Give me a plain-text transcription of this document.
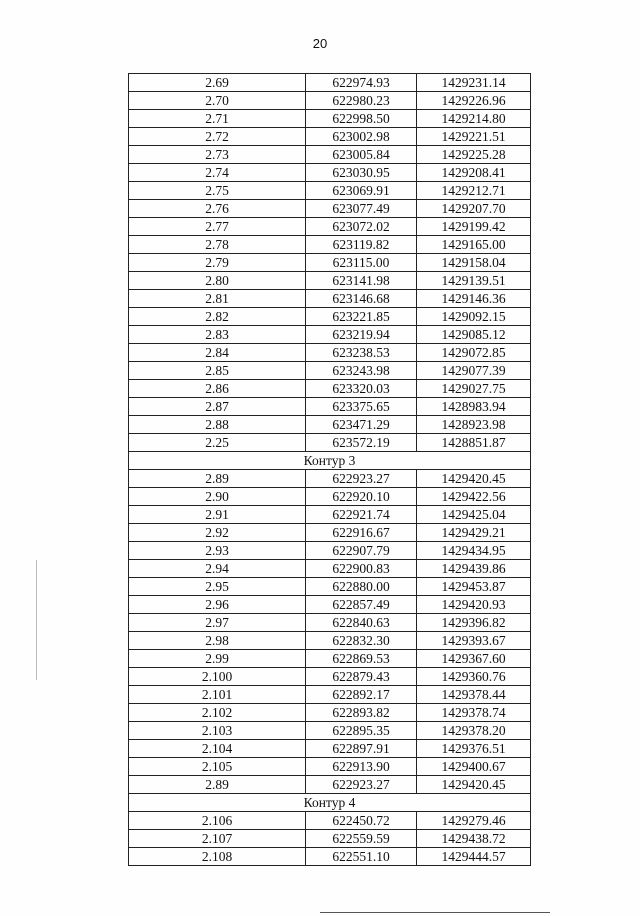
20
2.69	622974.93	1429231.14
2.70	622980.23	1429226.96
2.71	622998.50	1429214.80
2.72	623002.98	1429221.51
2.73	623005.84	1429225.28
2.74	623030.95	1429208.41
2.75	623069.91	1429212.71
2.76	623077.49	1429207.70
2.77	623072.02	1429199.42
2.78	623119.82	1429165.00
2.79	623115.00	1429158.04
2.80	623141.98	1429139.51
2.81	623146.68	1429146.36
2.82	623221.85	1429092.15
2.83	623219.94	1429085.12
2.84	623238.53	1429072.85
2.85	623243.98	1429077.39
2.86	623320.03	1429027.75
2.87	623375.65	1428983.94
2.88	623471.29	1428923.98
2.25	623572.19	1428851.87
Контур 3		
2.89	622923.27	1429420.45
2.90	622920.10	1429422.56
2.91	622921.74	1429425.04
2.92	622916.67	1429429.21
2.93	622907.79	1429434.95
2.94	622900.83	1429439.86
2.95	622880.00	1429453.87
2.96	622857.49	1429420.93
2.97	622840.63	1429396.82
2.98	622832.30	1429393.67
2.99	622869.53	1429367.60
2.100	622879.43	1429360.76
2.101	622892.17	1429378.44
2.102	622893.82	1429378.74
2.103	622895.35	1429378.20
2.104	622897.91	1429376.51
2.105	622913.90	1429400.67
2.89	622923.27	1429420.45
Контур 4		
2.106	622450.72	1429279.46
2.107	622559.59	1429438.72
2.108	622551.10	1429444.57
